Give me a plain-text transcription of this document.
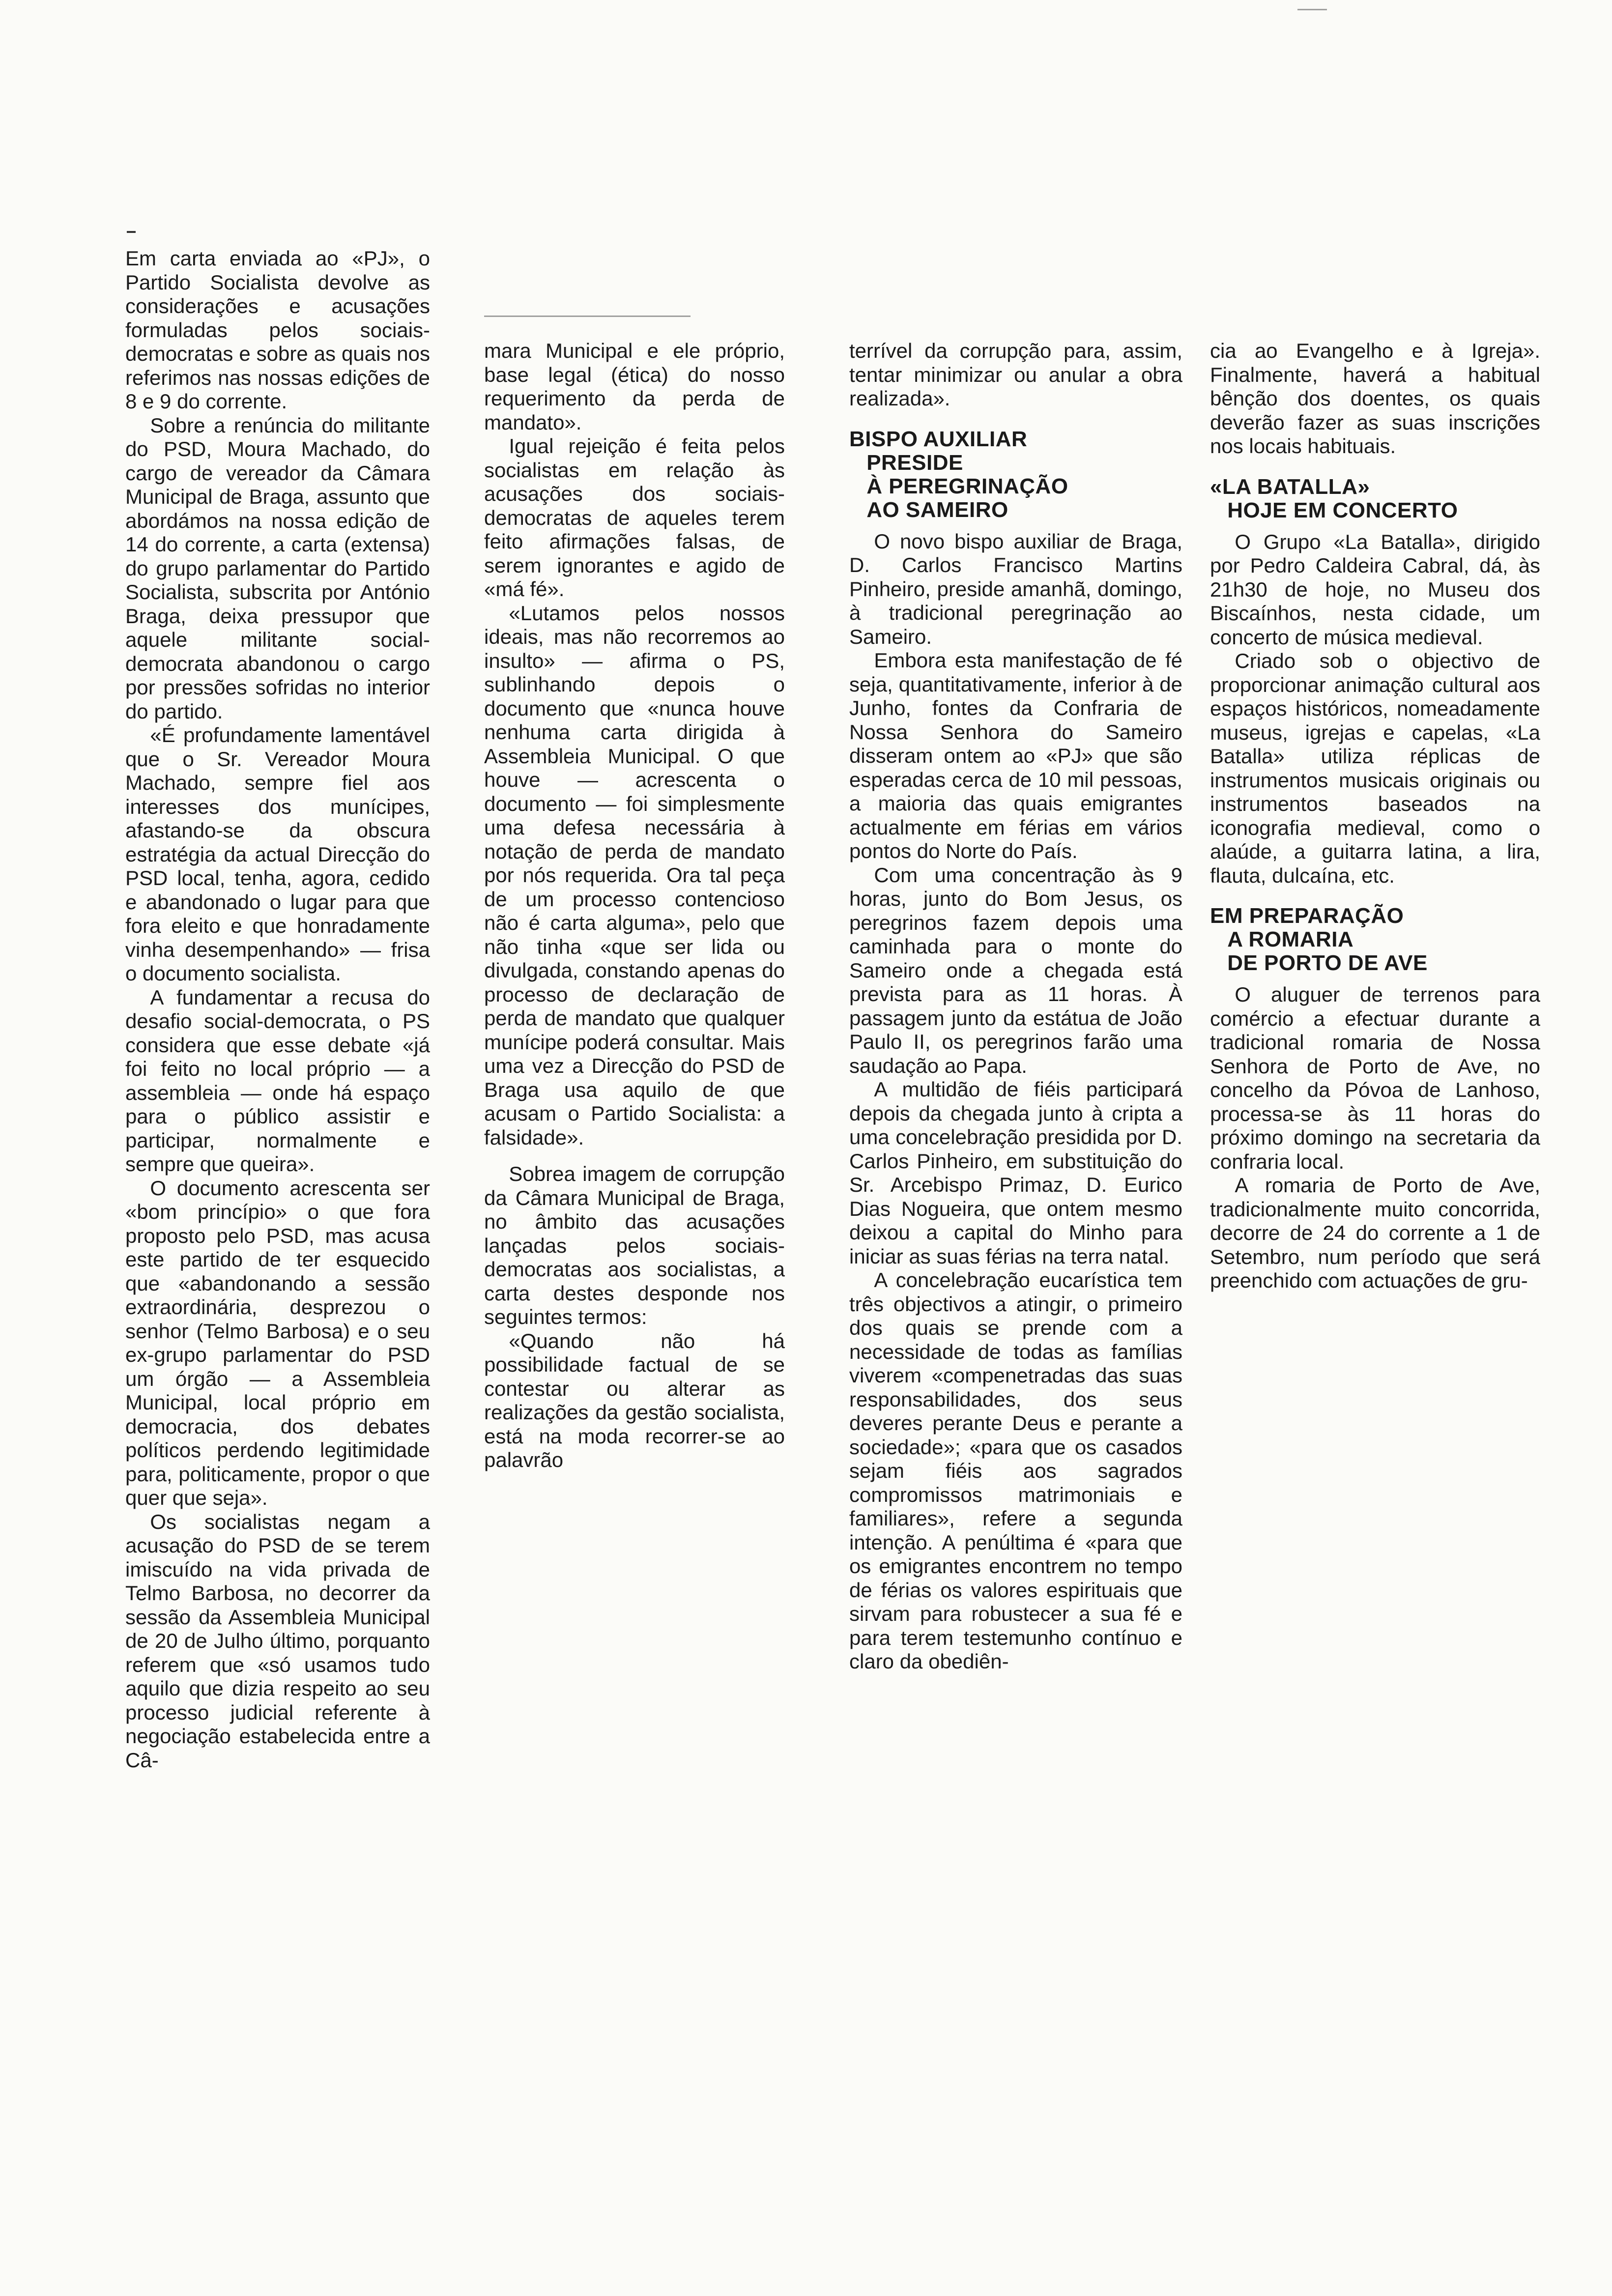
Em carta enviada ao «PJ», o Partido Socialista devolve as considerações e acusações formuladas pelos sociais-democratas e sobre as quais nos referimos nas nossas edições de 8 e 9 do corrente.

Sobre a renúncia do militante do PSD, Moura Machado, do cargo de vereador da Câmara Municipal de Braga, assunto que abordámos na nossa edição de 14 do corrente, a carta (extensa) do grupo parlamentar do Partido Socialista, subscrita por António Braga, deixa pressupor que aquele militante social-democrata abandonou o cargo por pressões sofridas no interior do partido.

«É profundamente lamentável que o Sr. Vereador Moura Machado, sempre fiel aos interesses dos munícipes, afastando-se da obscura estratégia da actual Direcção do PSD local, tenha, agora, cedido e abandonado o lugar para que fora eleito e que honradamente vinha desempenhando» — frisa o documento socialista.

A fundamentar a recusa do desafio social-democrata, o PS considera que esse debate «já foi feito no local próprio — a assembleia — onde há espaço para o público assistir e participar, normalmente e sempre que queira».

O documento acrescenta ser «bom princípio» o que fora proposto pelo PSD, mas acusa este partido de ter esquecido que «abandonando a sessão extraordinária, desprezou o senhor (Telmo Barbosa) e o seu ex-grupo parlamentar do PSD um órgão — a Assembleia Municipal, local próprio em democracia, dos debates políticos perdendo legitimidade para, politicamente, propor o que quer que seja».

Os socialistas negam a acusação do PSD de se terem imiscuído na vida privada de Telmo Barbosa, no decorrer da sessão da Assembleia Municipal de 20 de Julho último, porquanto referem que «só usamos tudo aquilo que dizia respeito ao seu processo judicial referente à negociação estabelecida entre a Câ-

mara Municipal e ele próprio, base legal (ética) do nosso requerimento da perda de mandato».

Igual rejeição é feita pelos socialistas em relação às acusações dos sociais-democratas de aqueles terem feito afirmações falsas, de serem ignorantes e agido de «má fé».

«Lutamos pelos nossos ideais, mas não recorremos ao insulto» — afirma o PS, sublinhando depois o documento que «nunca houve nenhuma carta dirigida à Assembleia Municipal. O que houve — acrescenta o documento — foi simplesmente uma defesa necessária à notação de perda de mandato por nós requerida. Ora tal peça de um processo contencioso não é carta alguma», pelo que não tinha «que ser lida ou divulgada, constando apenas do processo de declaração de perda de mandato que qualquer munícipe poderá consultar. Mais uma vez a Direcção do PSD de Braga usa aquilo de que acusam o Partido Socialista: a falsidade».

Sobrea imagem de corrupção da Câmara Municipal de Braga, no âmbito das acusações lançadas pelos sociais-democratas aos socialistas, a carta destes desponde nos seguintes termos:

«Quando não há possibilidade factual de se contestar ou alterar as realizações da gestão socialista, está na moda recorrer-se ao palavrão

terrível da corrupção para, assim, tentar minimizar ou anular a obra realizada».

BISPO AUXILIAR
PRESIDE
À PEREGRINAÇÃO
AO SAMEIRO

O novo bispo auxiliar de Braga, D. Carlos Francisco Martins Pinheiro, preside amanhã, domingo, à tradicional peregrinação ao Sameiro.

Embora esta manifestação de fé seja, quantitativamente, inferior à de Junho, fontes da Confraria de Nossa Senhora do Sameiro disseram ontem ao «PJ» que são esperadas cerca de 10 mil pessoas, a maioria das quais emigrantes actualmente em férias em vários pontos do Norte do País.

Com uma concentração às 9 horas, junto do Bom Jesus, os peregrinos fazem depois uma caminhada para o monte do Sameiro onde a chegada está prevista para as 11 horas. À passagem junto da estátua de João Paulo II, os peregrinos farão uma saudação ao Papa.

A multidão de fiéis participará depois da chegada junto à cripta a uma concelebração presidida por D. Carlos Pinheiro, em substituição do Sr. Arcebispo Primaz, D. Eurico Dias Nogueira, que ontem mesmo deixou a capital do Minho para iniciar as suas férias na terra natal.

A concelebração eucarística tem três objectivos a atingir, o primeiro dos quais se prende com a necessidade de todas as famílias viverem «compenetradas das suas responsabilidades, dos seus deveres perante Deus e perante a sociedade»; «para que os casados sejam fiéis aos sagrados compromissos matrimoniais e familiares», refere a segunda intenção. A penúltima é «para que os emigrantes encontrem no tempo de férias os valores espirituais que sirvam para robustecer a sua fé e para terem testemunho contínuo e claro da obediên-

cia ao Evangelho e à Igreja». Finalmente, haverá a habitual bênção dos doentes, os quais deverão fazer as suas inscrições nos locais habituais.

«LA BATALLA»
HOJE EM CONCERTO

O Grupo «La Batalla», dirigido por Pedro Caldeira Cabral, dá, às 21h30 de hoje, no Museu dos Biscaínhos, nesta cidade, um concerto de música medieval.

Criado sob o objectivo de proporcionar animação cultural aos espaços históricos, nomeadamente museus, igrejas e capelas, «La Batalla» utiliza réplicas de instrumentos musicais originais ou instrumentos baseados na iconografia medieval, como o alaúde, a guitarra latina, a lira, flauta, dulcaína, etc.

EM PREPARAÇÃO
A ROMARIA
DE PORTO DE AVE

O aluguer de terrenos para comércio a efectuar durante a tradicional romaria de Nossa Senhora de Porto de Ave, no concelho da Póvoa de Lanhoso, processa-se às 11 horas do próximo domingo na secretaria da confraria local.

A romaria de Porto de Ave, tradicionalmente muito concorrida, decorre de 24 do corrente a 1 de Setembro, num período que será preenchido com actuações de gru-
